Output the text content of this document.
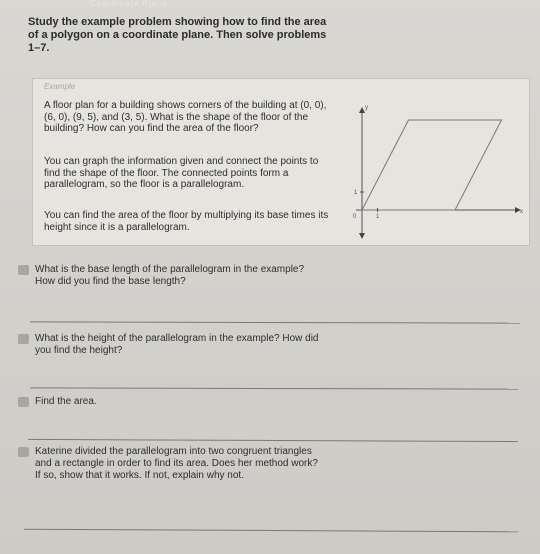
Coordinate Plane
Study the example problem showing how to find the area of a polygon on a coordinate plane. Then solve problems 1–7.
Example
A floor plan for a building shows corners of the building at (0, 0), (6, 0), (9, 5), and (3, 5). What is the shape of the floor of the building? How can you find the area of the floor?
You can graph the information given and connect the points to find the shape of the floor. The connected points form a parallelogram, so the floor is a parallelogram.
You can find the area of the floor by multiplying its base times its height since it is a parallelogram.
x
y
0	1
1
1 What is the base length of the parallelogram in the example? How did you find the base length?
2 What is the height of the parallelogram in the example? How did you find the height?
3 Find the area.
4 Katerine divided the parallelogram into two congruent triangles and a rectangle in order to find its area. Does her method work? If so, show that it works. If not, explain why not.
